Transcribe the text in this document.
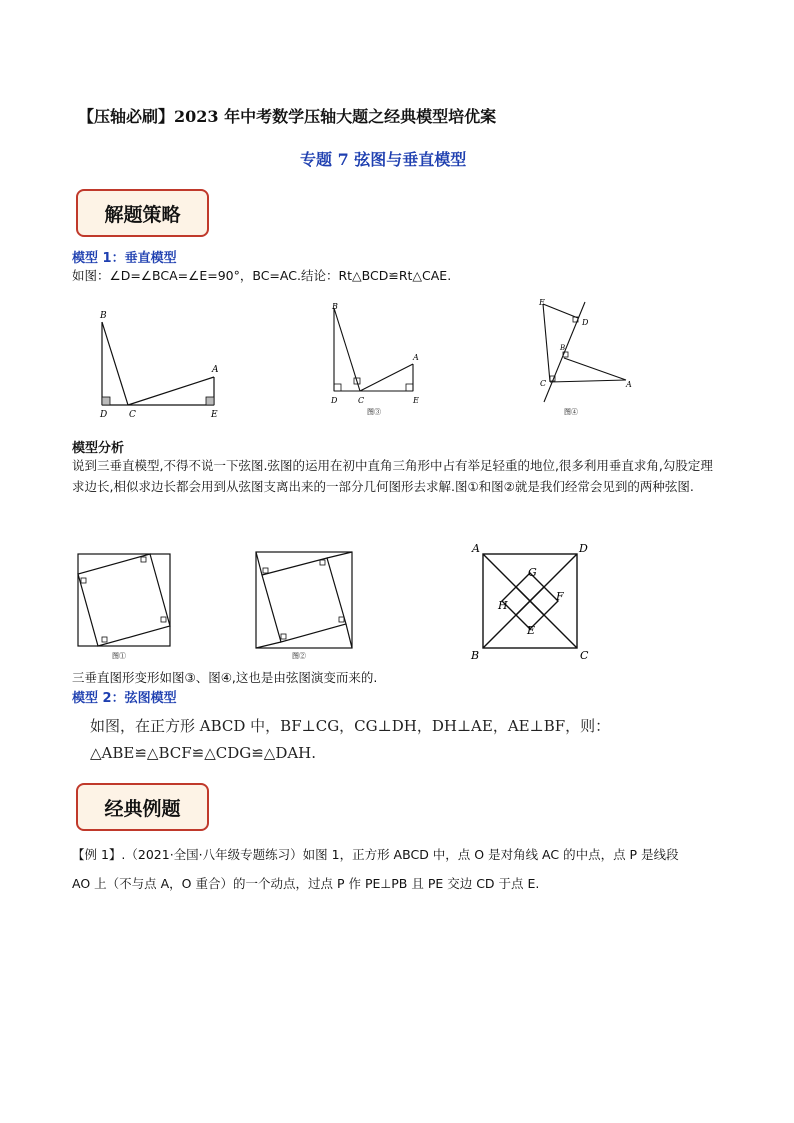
【压轴必刷】2023 年中考数学压轴大题之经典模型培优案
专题 7 弦图与垂直模型
解题策略
模型 1：垂直模型
如图：∠D=∠BCA=∠E=90°，BC=AC.结论：Rt△BCD≌Rt△CAE.
B
D C	E
A
B
A
D	C	E
图③
E
D
B
C	A
图④
模型分析
说到三垂直模型,不得不说一下弦图.弦图的运用在初中直角三角形中占有举足轻重的地位,很多利用垂直求角,勾股定理求边长,相似求边长都会用到从弦图支离出来的一部分几何图形去求解.图①和图②就是我们经常会见到的两种弦图.
图①	图②
A	D
B	C
G
F
H
E
三垂直图形变形如图③、图④,这也是由弦图演变而来的.
模型 2：弦图模型
如图，在正方形 ABCD 中，BF⊥CG，CG⊥DH，DH⊥AE，AE⊥BF，则：
△ABE≌△BCF≌△CDG≌△DAH.
经典例题
【例 1】.（2021·全国·八年级专题练习）如图 1，正方形 ABCD 中，点 O 是对角线 AC 的中点，点 P 是线段
AO 上（不与点 A，O 重合）的一个动点，过点 P 作 PE⊥PB 且 PE 交边 CD 于点 E.
